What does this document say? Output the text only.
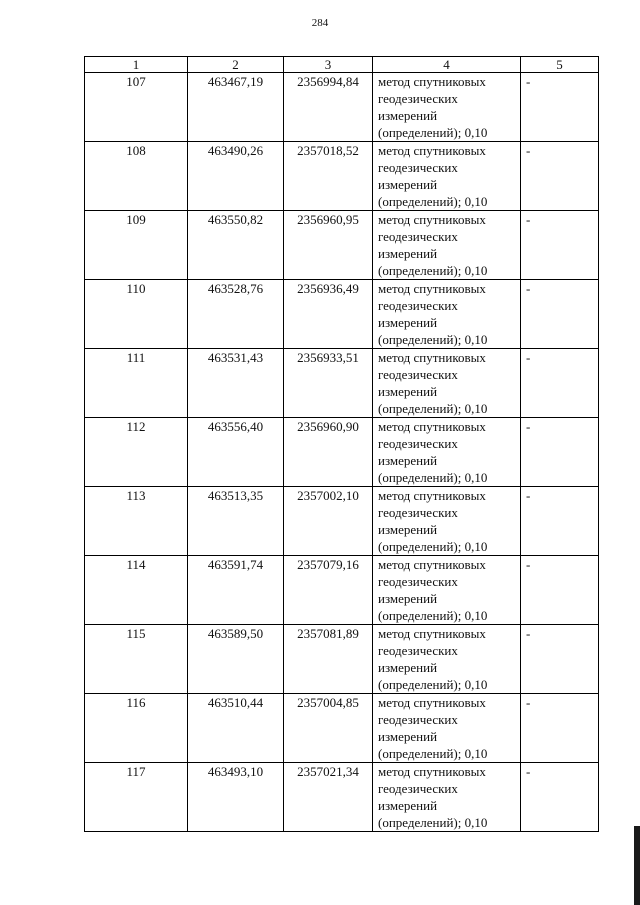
284
1	2	3	4	5
107	463467,19	2356994,84	метод спутниковых
геодезических
измерений
(определений); 0,10	-
108	463490,26	2357018,52	метод спутниковых
геодезических
измерений
(определений); 0,10	-
109	463550,82	2356960,95	метод спутниковых
геодезических
измерений
(определений); 0,10	-
110	463528,76	2356936,49	метод спутниковых
геодезических
измерений
(определений); 0,10	-
111	463531,43	2356933,51	метод спутниковых
геодезических
измерений
(определений); 0,10	-
112	463556,40	2356960,90	метод спутниковых
геодезических
измерений
(определений); 0,10	-
113	463513,35	2357002,10	метод спутниковых
геодезических
измерений
(определений); 0,10	-
114	463591,74	2357079,16	метод спутниковых
геодезических
измерений
(определений); 0,10	-
115	463589,50	2357081,89	метод спутниковых
геодезических
измерений
(определений); 0,10	-
116	463510,44	2357004,85	метод спутниковых
геодезических
измерений
(определений); 0,10	-
117	463493,10	2357021,34	метод спутниковых
геодезических
измерений
(определений); 0,10	-
